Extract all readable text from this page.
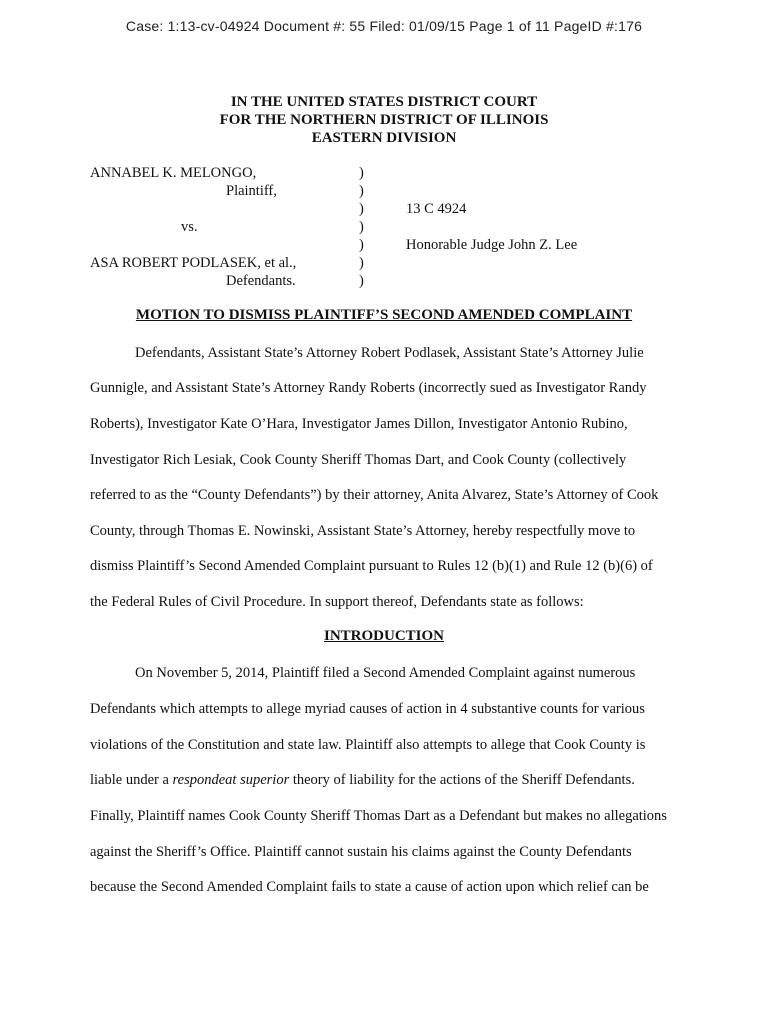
Case: 1:13-cv-04924 Document #: 55 Filed: 01/09/15 Page 1 of 11 PageID #:176
IN THE UNITED STATES DISTRICT COURT
FOR THE NORTHERN DISTRICT OF ILLINOIS
EASTERN DIVISION
ANNABEL K. MELONGO,
Plaintiff,
vs.
ASA ROBERT PODLASEK, et al.,
Defendants.
)
)
)
)
)
)
)
13 C 4924
Honorable Judge John Z. Lee
MOTION TO DISMISS PLAINTIFF’S SECOND AMENDED COMPLAINT
Defendants, Assistant State’s Attorney Robert Podlasek, Assistant State’s Attorney Julie
Gunnigle, and Assistant State’s Attorney Randy Roberts (incorrectly sued as Investigator Randy
Roberts), Investigator Kate O’Hara, Investigator James Dillon, Investigator Antonio Rubino,
Investigator Rich Lesiak, Cook County Sheriff Thomas Dart, and Cook County (collectively
referred to as the “County Defendants”) by their attorney, Anita Alvarez, State’s Attorney of Cook
County, through Thomas E. Nowinski, Assistant State’s Attorney, hereby respectfully move to
dismiss Plaintiff’s Second Amended Complaint pursuant to Rules 12 (b)(1) and Rule 12 (b)(6) of
the Federal Rules of Civil Procedure. In support thereof, Defendants state as follows:
INTRODUCTION
On November 5, 2014, Plaintiff filed a Second Amended Complaint against numerous
Defendants which attempts to allege myriad causes of action in 4 substantive counts for various
violations of the Constitution and state law. Plaintiff also attempts to allege that Cook County is
liable under a respondeat superior theory of liability for the actions of the Sheriff Defendants.
Finally, Plaintiff names Cook County Sheriff Thomas Dart as a Defendant but makes no allegations
against the Sheriff’s Office. Plaintiff cannot sustain his claims against the County Defendants
because the Second Amended Complaint fails to state a cause of action upon which relief can be
